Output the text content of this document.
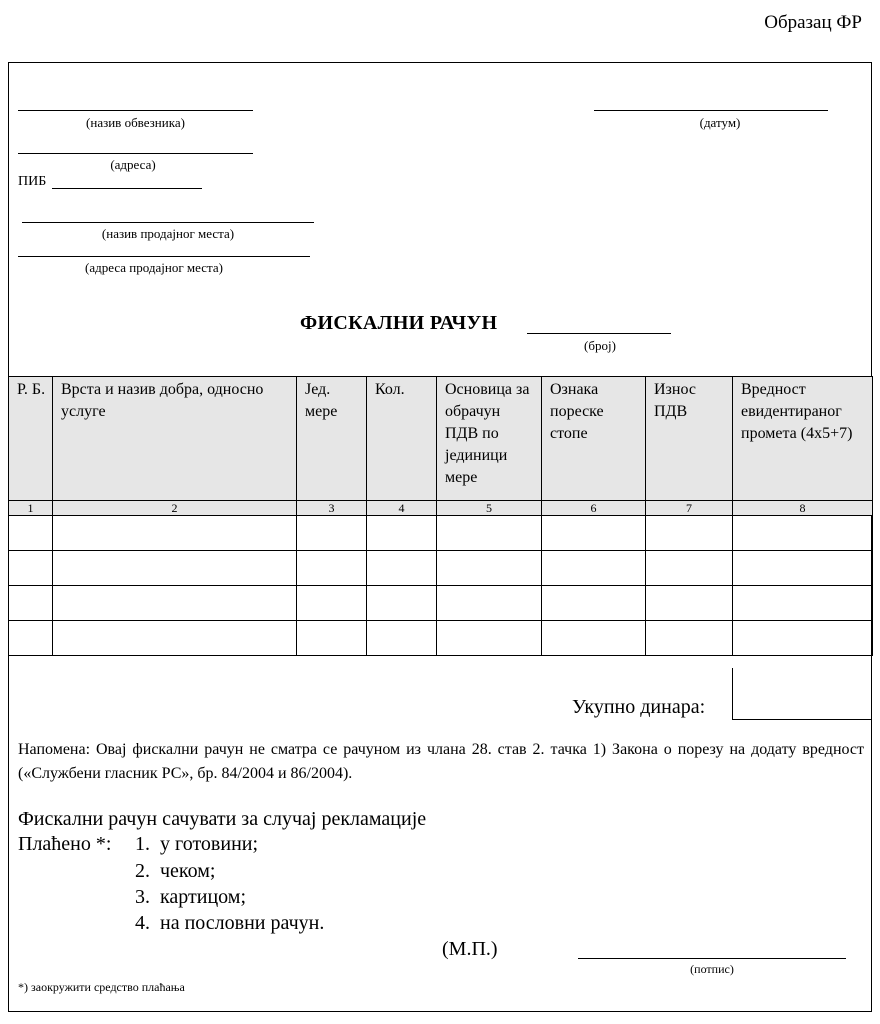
Образац ФР
(назив обвезника)
(адреса)
ПИБ
(назив продајног места)
(адреса продајног места)
(датум)
ФИСКАЛНИ РАЧУН
(број)
Р. Б.	Врста и назив добра, односно услуге	Јед. мере	Кол.	Основица за обрачун ПДВ по јединици мере	Ознака пореске стопе	Износ ПДВ	Вредност евидентираног промета (4x5+7)
1	2	3	4	5	6	7	8

Укупно динара:
Напомена: Овај фискални рачун не сматра се рачуном из члана 28. став 2. тачка 1) Закона о порезу на додату вредност («Службени гласник РС», бр. 84/2004 и 86/2004).
Фискални рачун сачувати за случај рекламације
Плаћено *: 1. у готовини;
2. чеком;
3. картицом;
4. на пословни рачун.
(М.П.)
(потпис)
*) заокружити средство плаћања
